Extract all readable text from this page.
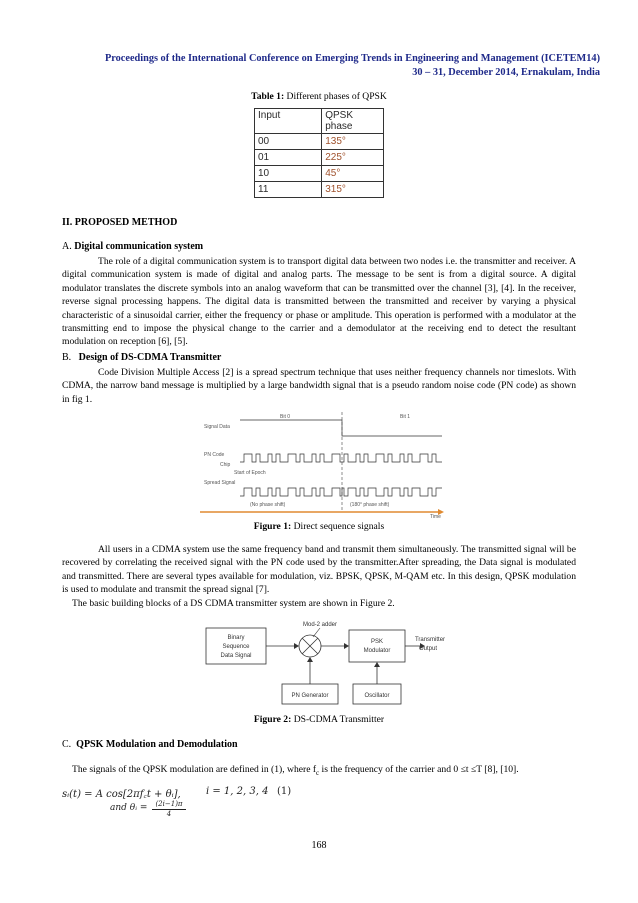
Proceedings of the International Conference on Emerging Trends in Engineering and Management (ICETEM14)
30 – 31, December 2014, Ernakulam, India
Table 1: Different phases of QPSK
Input	QPSK phase
00	135°
01	225°
10	45°
11	315°
II. PROPOSED METHOD
A. Digital communication system
The role of a digital communication system is to transport digital data between two nodes i.e. the transmitter and receiver. A digital communication system is made of digital and analog parts. The message to be sent is from a digital source. A digital modulator translates the discrete symbols into an analog waveform that can be transmitted over the channel [3], [4]. In the receiver, reverse signal processing happens. The digital data is transmitted between the transmitted and receiver by varying a physical characteristic of a sinusoidal carrier, either the frequency or phase or amplitude. This operation is performed with a modulator at the transmitting end to impose the physical change to the carrier and a demodulator at the receiving end to detect the resultant modulation on reception [6], [5].
B. Design of DS-CDMA Transmitter
Code Division Multiple Access [2] is a spread spectrum technique that uses neither frequency channels nor timeslots. With CDMA, the narrow band message is multiplied by a large bandwidth signal that is a pseudo random noise code (PN code) as shown in fig 1.
Bit 0	Bit 1
Signal Data
PN Code
Chip
Start of Epoch
Spread Signal
(No phase shift)	(180° phase shift)
Time
Figure 1: Direct sequence signals
All users in a CDMA system use the same frequency band and transmit them simultaneously. The transmitted signal will be recovered by correlating the received signal with the PN code used by the transmitter.After spreading, the Data signal is modulated and transmitted. There are several types available for modulation, viz. BPSK, QPSK, M-QAM etc. In this design, QPSK modulation is used to modulate and transmit the spread signal [7].
The basic building blocks of a DS CDMA transmitter system are shown in Figure 2.
Binary
Sequence
Data Signal
Mod-2 adder
PSK
Modulator
Transmitter
Output
PN Generator	Oscillator
Figure 2: DS-CDMA Transmitter
C. QPSK Modulation and Demodulation
The signals of the QPSK modulation are defined in (1), where $f_c$ is the frequency of the carrier and 0 ≤t ≤T [8], [10].
sᵢ(t) = A cos[2πf꜀t + θᵢ],	i = 1, 2, 3, 4 (1)
and θᵢ =	(2i−1)π
4
168
